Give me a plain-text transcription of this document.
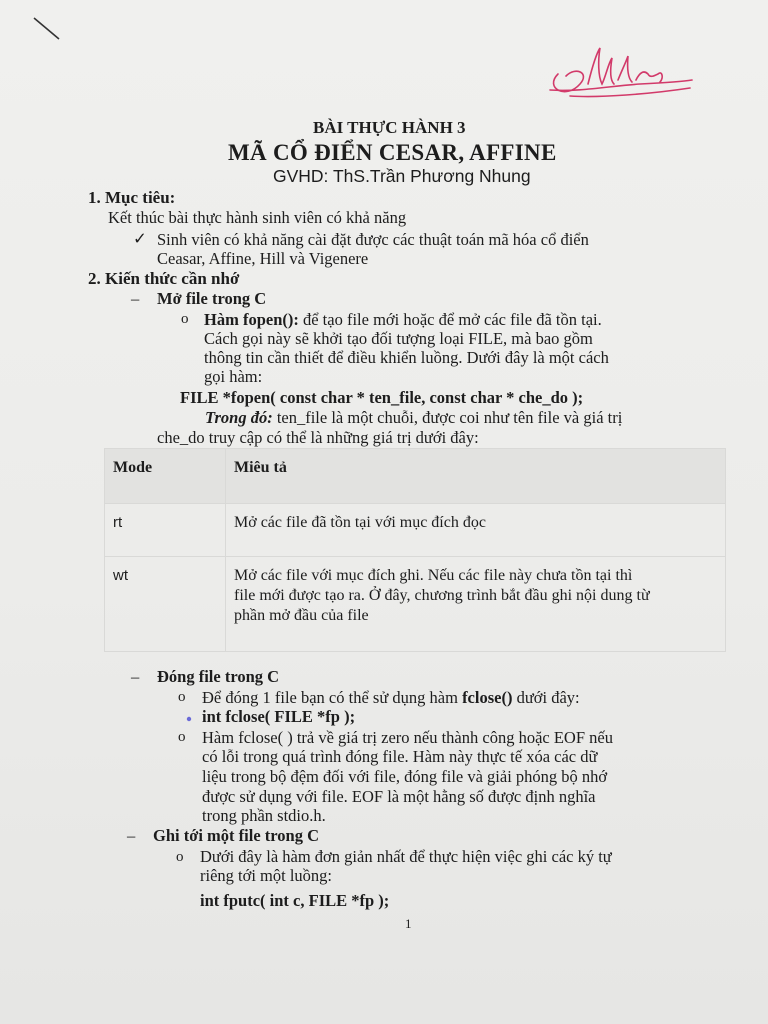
BÀI THỰC HÀNH 3
MÃ CỔ ĐIỂN CESAR, AFFINE
GVHD: ThS.Trần Phương Nhung
1. Mục tiêu:
Kết thúc bài thực hành sinh viên có khả năng
✓ Sinh viên có khả năng cài đặt được các thuật toán mã hóa cổ điển
Ceasar, Affine, Hill và Vigenere
2. Kiến thức cần nhớ
– Mở file trong C
o Hàm fopen(): để tạo file mới hoặc để mở các file đã tồn tại.
Cách gọi này sẽ khởi tạo đối tượng loại FILE, mà bao gồm
thông tin cần thiết để điều khiển luồng. Dưới đây là một cách
gọi hàm:
FILE *fopen( const char * ten_file, const char * che_do );
Trong đó: ten_file là một chuỗi, được coi như tên file và giá trị
che_do truy cập có thể là những giá trị dưới đây:
Mode	Miêu tả

rt	Mở các file đã tồn tại với mục đích đọc

wt	Mở các file với mục đích ghi. Nếu các file này chưa tồn tại thì
file mới được tạo ra. Ở đây, chương trình bắt đầu ghi nội dung từ
phần mở đầu của file
– Đóng file trong C
o Để đóng 1 file bạn có thể sử dụng hàm fclose() dưới đây:
int fclose( FILE *fp );
o Hàm fclose( ) trả về giá trị zero nếu thành công hoặc EOF nếu
có lỗi trong quá trình đóng file. Hàm này thực tế xóa các dữ
liệu trong bộ đệm đối với file, đóng file và giải phóng bộ nhớ
được sử dụng với file. EOF là một hằng số được định nghĩa
trong phần stdio.h.
– Ghi tới một file trong C
o Dưới đây là hàm đơn giản nhất để thực hiện việc ghi các ký tự
riêng tới một luồng:
int fputc( int c, FILE *fp );
1
